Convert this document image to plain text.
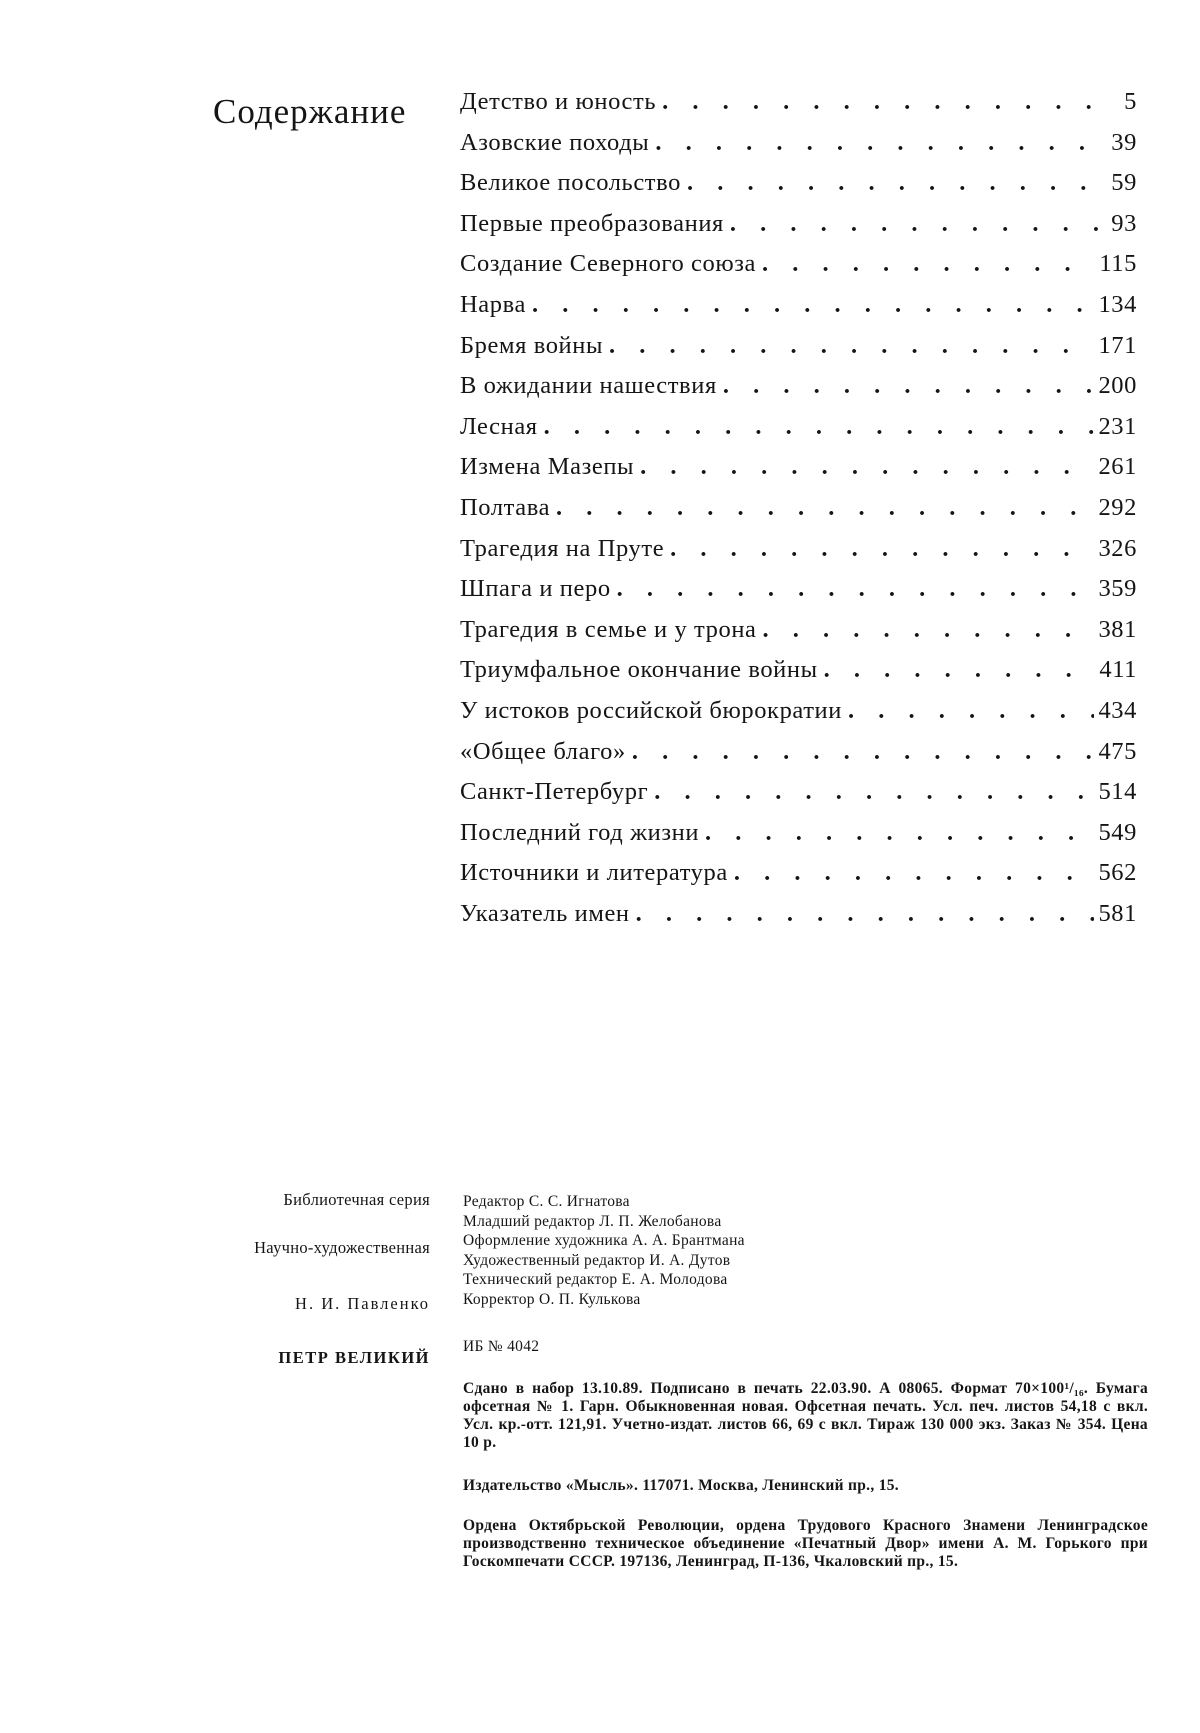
Содержание Детство и юность . . .	5
Азовские походы . . .	39
Великое посольство . . .	59
Первые преобразования . . .	93
Создание Северного союза . . .	115
Нарва . . .	134
Бремя войны . . .	171
В ожидании нашествия . . .	200
Лесная . . .	231
Измена Мазепы . . .	261
Полтава . . .	292
Трагедия на Пруте . . .	326
Шпага и перо . . .	359
Трагедия в семье и у трона . . .	381
Триумфальное окончание войны . . .	411
У истоков российской бюрократии . . .	434
«Общее благо» . . .	475
Санкт-Петербург . . .	514
Последний год жизни . . .	549
Источники и литература . . .	562
Указатель имен . . .	581
Библиотечная серия
Научно-художественная
Н. И. Павленко
ПЕТР ВЕЛИКИЙ
Редактор С. С. Игнатова
Младший редактор Л. П. Желобанова
Оформление художника А. А. Брантмана
Художественный редактор И. А. Дутов
Технический редактор Е. А. Молодова
Корректор О. П. Кулькова
ИБ № 4042
Сдано в набор 13.10.89. Подписано в печать 22.03.90. А 08065. Формат 70×100¹/₁₆. Бумага офсетная № 1. Гарн. Обыкновенная новая. Офсетная печать. Усл. печ. листов 54,18 с вкл. Усл. кр.-отт. 121,91. Учетно-издат. листов 66, 69 с вкл. Тираж 130 000 экз. Заказ № 354. Цена 10 р.
Издательство «Мысль». 117071. Москва, Ленинский пр., 15.
Ордена Октябрьской Революции, ордена Трудового Красного Знамени Ленинградское производственно техническое объединение «Печатный Двор» имени А. М. Горького при Госкомпечати СССР. 197136, Ленинград, П-136, Чкаловский пр., 15.
